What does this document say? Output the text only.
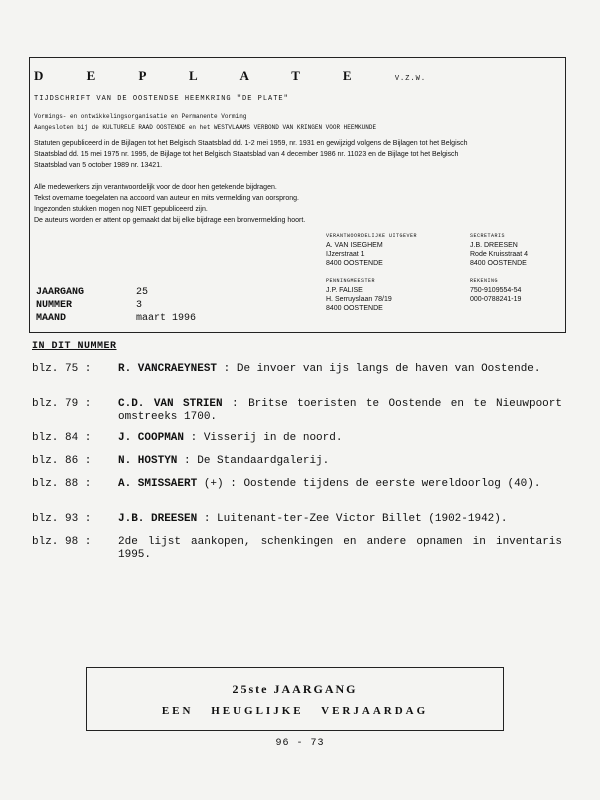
D E P L A T E	V.Z.W.
TIJDSCHRIFT VAN DE OOSTENDSE HEEMKRING "DE PLATE"
Vormings- en ontwikkelingsorganisatie en Permanente Vorming
Aangesloten bij de KULTURELE RAAD OOSTENDE en het WESTVLAAMS VERBOND VAN KRINGEN VOOR HEEMKUNDE
Statuten gepubliceerd in de Bijlagen tot het Belgisch Staatsblad dd. 1-2 mei 1959, nr. 1931 en gewijzigd volgens de Bijlagen tot het Belgisch
Staatsblad dd. 15 mei 1975 nr. 1995, de Bijlage tot het Belgisch Staatsblad van 4 december 1986 nr. 11023 en de Bijlage tot het Belgisch
Staatsblad van 5 october 1989 nr. 13421.
Alle medewerkers zijn verantwoordelijk voor de door hen getekende bijdragen.
Tekst overname toegelaten na accoord van auteur en mits vermelding van oorsprong.
Ingezonden stukken mogen nog NIET gepubliceerd zijn.
De auteurs worden er attent op gemaakt dat bij elke bijdrage een bronvermelding hoort.
VERANTWOORDELIJKE UITGEVER
A. VAN ISEGHEM
IJzerstraat 1
8400 OOSTENDE
SECRETARIS
J.B. DREESEN
Rode Kruisstraat 4
8400 OOSTENDE
PENNINGMEESTER
J.P. FALISE
H. Serruyslaan 78/19
8400 OOSTENDE
REKENING
750-9109554-54
000-0788241-19
JAARGANG	25
NUMMER	3
MAAND	maart 1996
IN DIT NUMMER
blz. 75 : R. VANCRAEYNEST : De invoer van ijs langs de haven van Oostende.
blz. 79 : C.D. VAN STRIEN : Britse toeristen te Oostende en te Nieuwpoort omstreeks 1700.
blz. 84 : J. COOPMAN : Visserij in de noord.
blz. 86 : N. HOSTYN : De Standaardgalerij.
blz. 88 : A. SMISSAERT (+) : Oostende tijdens de eerste wereldoorlog (40).
blz. 93 : J.B. DREESEN : Luitenant-ter-Zee Victor Billet (1902-1942).
blz. 98 : 2de lijst aankopen, schenkingen en andere opnamen in inventaris 1995.
25ste JAARGANG
EEN HEUGLIJKE VERJAARDAG
96 - 73
